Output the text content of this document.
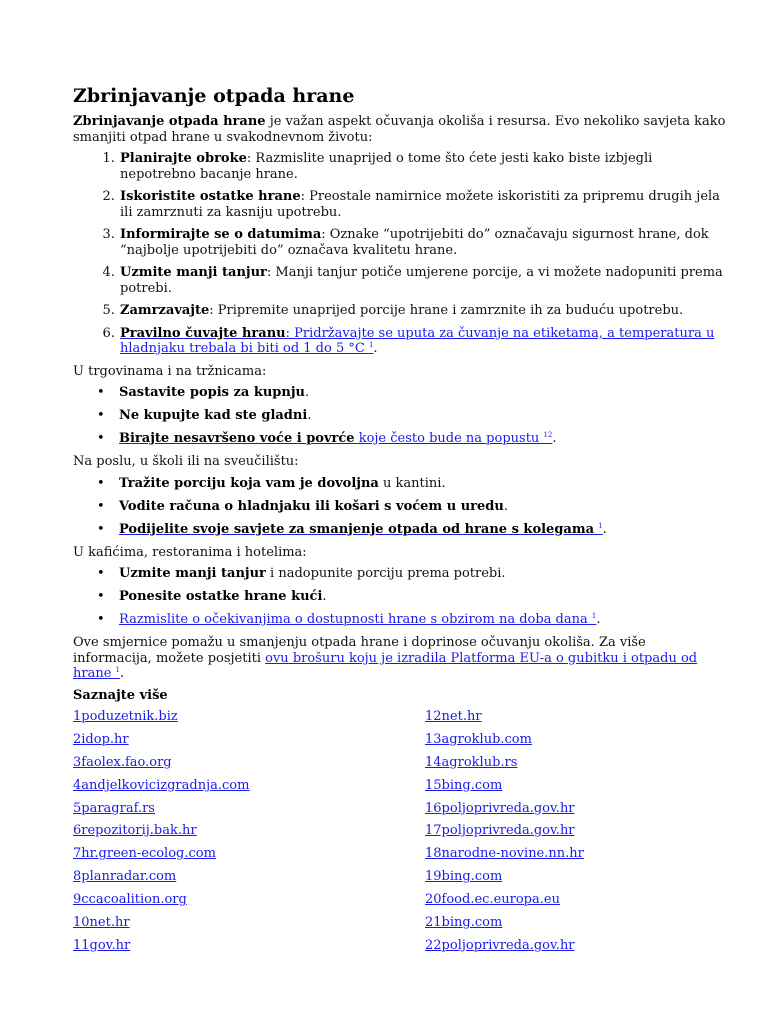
Zbrinjavanje otpada hrane

Zbrinjavanje otpada hrane je važan aspekt očuvanja okoliša i resursa. Evo nekoliko savjeta kako smanjiti otpad hrane u svakodnevnom životu:

1. Planirajte obroke: Razmislite unaprijed o tome što ćete jesti kako biste izbjegli nepotrebno bacanje hrane.
2. Iskoristite ostatke hrane: Preostale namirnice možete iskoristiti za pripremu drugih jela ili zamrznuti za kasniju upotrebu.
3. Informirajte se o datumima: Oznake “upotrijebiti do” označavaju sigurnost hrane, dok “najbolje upotrijebiti do” označava kvalitetu hrane.
4. Uzmite manji tanjur: Manji tanjur potiče umjerene porcije, a vi možete nadopuniti prema potrebi.
5. Zamrzavajte: Pripremite unaprijed porcije hrane i zamrznite ih za buduću upotrebu.
6. Pravilno čuvajte hranu: Pridržavajte se uputa za čuvanje na etiketama, a temperatura u hladnjaku trebala bi biti od 1 do 5 °C $^1$.

U trgovinama i na tržnicama:

• Sastavite popis za kupnju.
• Ne kupujte kad ste gladni.
• Birajte nesavršeno voće i povrće koje često bude na popustu $^{12}$.

Na poslu, u školi ili na sveučilištu:

• Tražite porciju koja vam je dovoljna u kantini.
• Vodite računa o hladnjaku ili košari s voćem u uredu.
• Podijelite svoje savjete za smanjenje otpada od hrane s kolegama $^1$.

U kafićima, restoranima i hotelima:

• Uzmite manji tanjur i nadopunite porciju prema potrebi.
• Ponesite ostatke hrane kući.
• Razmislite o očekivanjima o dostupnosti hrane s obzirom na doba dana $^1$.

Ove smjernice pomažu u smanjenju otpada hrane i doprinose očuvanju okoliša. Za više informacija, možete posjetiti ovu brošuru koju je izradila Platforma EU-a o gubitku i otpadu od hrane $^1$.

Saznajte više
1poduzetnik.biz	12net.hr
2idop.hr	13agroklub.com
3faolex.fao.org	14agroklub.rs
4andjelkovicizgradnja.com	15bing.com
5paragraf.rs	16poljoprivreda.gov.hr
6repozitorij.bak.hr	17poljoprivreda.gov.hr
7hr.green-ecolog.com	18narodne-novine.nn.hr
8planradar.com	19bing.com
9ccacoalition.org	20food.ec.europa.eu
10net.hr	21bing.com
11gov.hr	22poljoprivreda.gov.hr
